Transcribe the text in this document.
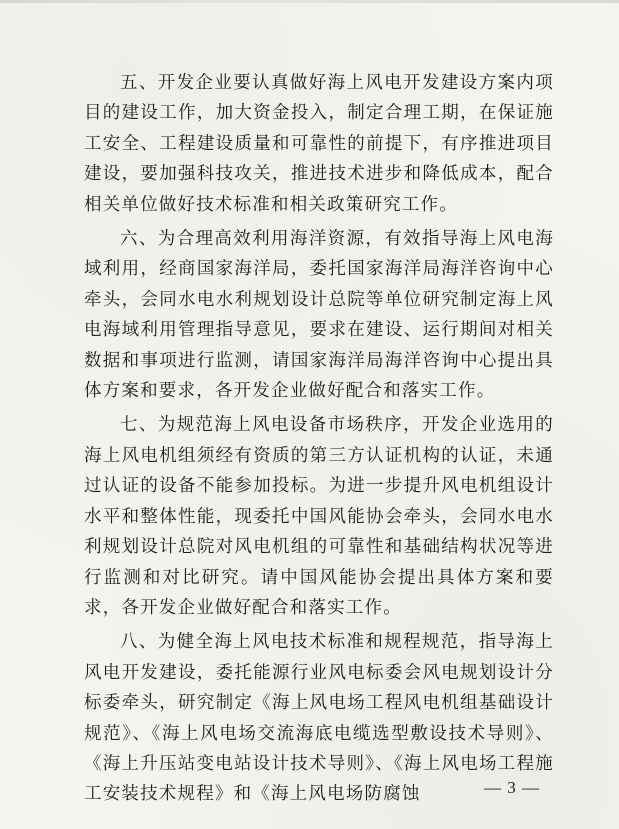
五、开发企业要认真做好海上风电开发建设方案内项目的建设工作，加大资金投入，制定合理工期，在保证施工安全、工程建设质量和可靠性的前提下，有序推进项目建设，要加强科技攻关，推进技术进步和降低成本，配合相关单位做好技术标准和相关政策研究工作。

六、为合理高效利用海洋资源，有效指导海上风电海域利用，经商国家海洋局，委托国家海洋局海洋咨询中心牵头，会同水电水利规划设计总院等单位研究制定海上风电海域利用管理指导意见，要求在建设、运行期间对相关数据和事项进行监测，请国家海洋局海洋咨询中心提出具体方案和要求，各开发企业做好配合和落实工作。

七、为规范海上风电设备市场秩序，开发企业选用的海上风电机组须经有资质的第三方认证机构的认证，未通过认证的设备不能参加投标。为进一步提升风电机组设计水平和整体性能，现委托中国风能协会牵头，会同水电水利规划设计总院对风电机组的可靠性和基础结构状况等进行监测和对比研究。请中国风能协会提出具体方案和要求，各开发企业做好配合和落实工作。

八、为健全海上风电技术标准和规程规范，指导海上风电开发建设，委托能源行业风电标委会风电规划设计分标委牵头，研究制定《海上风电场工程风电机组基础设计规范》、《海上风电场交流海底电缆选型敷设技术导则》、《海上升压站变电站设计技术导则》、《海上风电场工程施工安装技术规程》和《海上风电场防腐蚀	— 3 —
